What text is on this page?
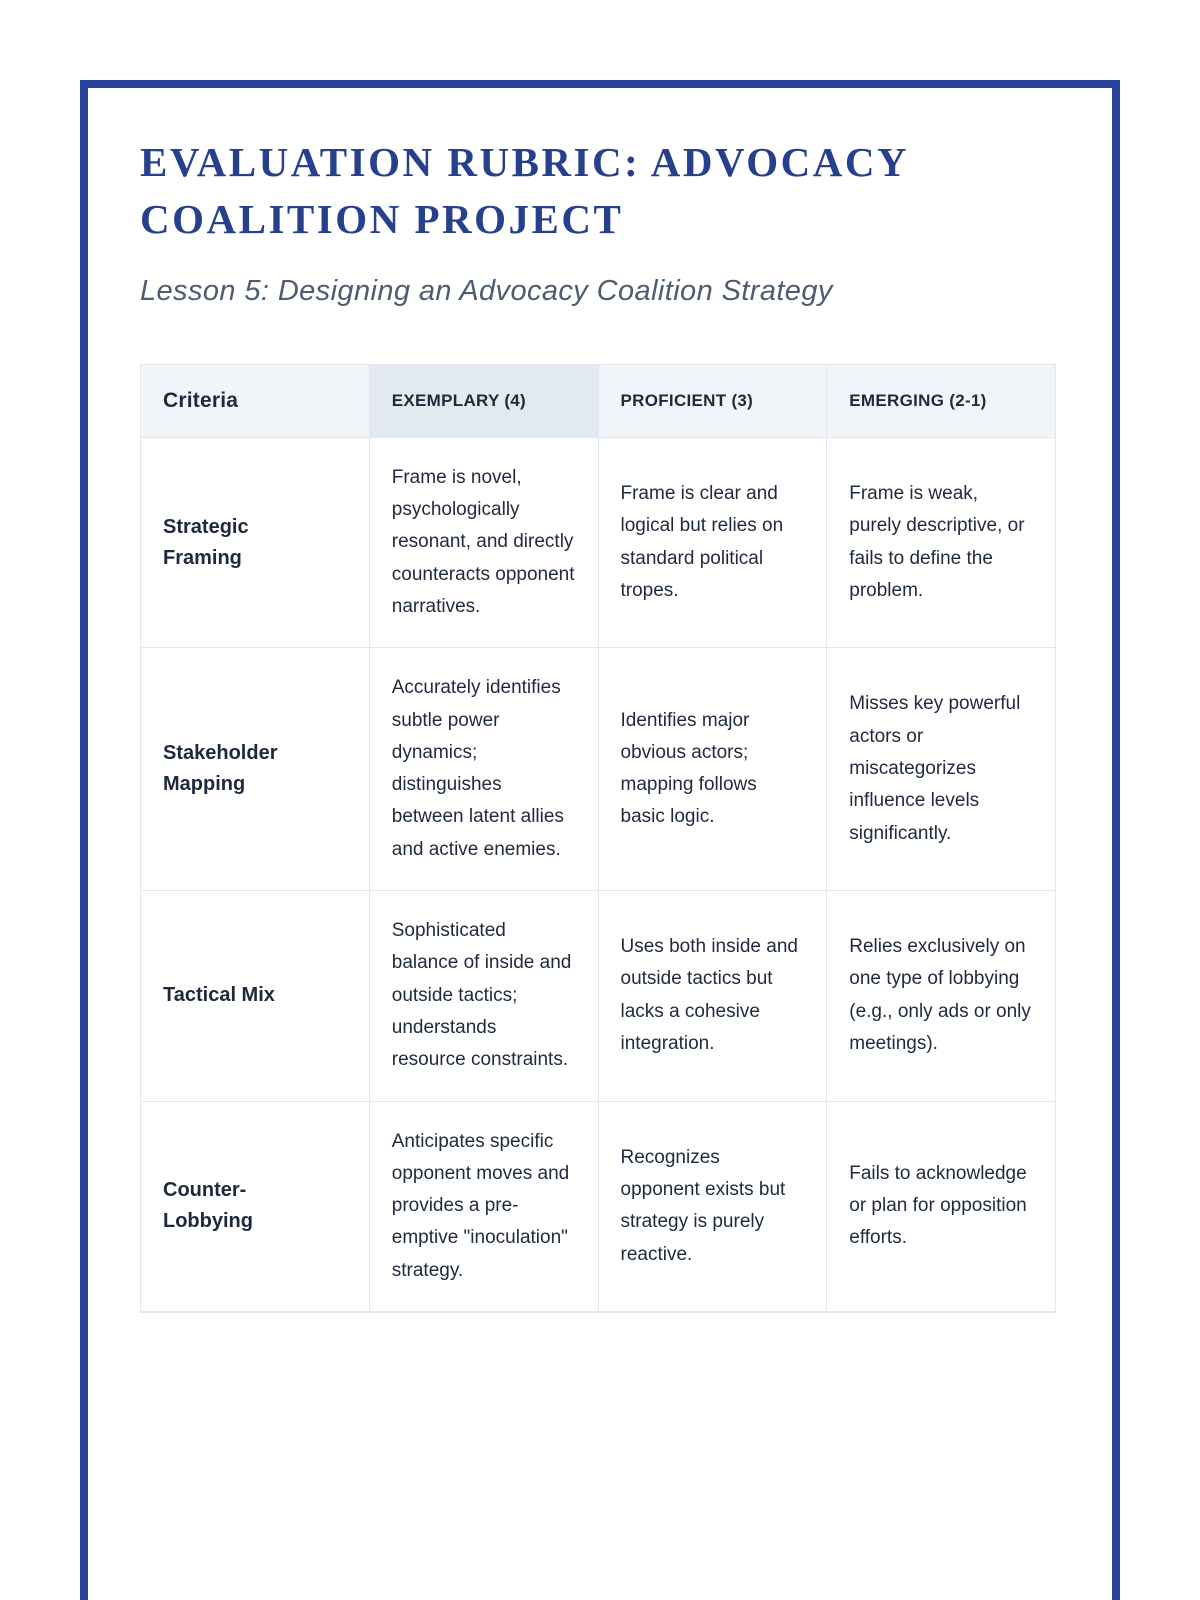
EVALUATION RUBRIC: ADVOCACY COALITION PROJECT

Lesson 5: Designing an Advocacy Coalition Strategy

Criteria	EXEMPLARY (4)	PROFICIENT (3)	EMERGING (2-1)
Strategic Framing	Frame is novel, psychologically resonant, and directly counteracts opponent narratives.	Frame is clear and logical but relies on standard political tropes.	Frame is weak, purely descriptive, or fails to define the problem.
Stakeholder Mapping	Accurately identifies subtle power dynamics; distinguishes between latent allies and active enemies.	Identifies major obvious actors; mapping follows basic logic.	Misses key powerful actors or miscategorizes influence levels significantly.
Tactical Mix	Sophisticated balance of inside and outside tactics; understands resource constraints.	Uses both inside and outside tactics but lacks a cohesive integration.	Relies exclusively on one type of lobbying (e.g., only ads or only meetings).
Counter-Lobbying	Anticipates specific opponent moves and provides a pre-emptive "inoculation" strategy.	Recognizes opponent exists but strategy is purely reactive.	Fails to acknowledge or plan for opposition efforts.
